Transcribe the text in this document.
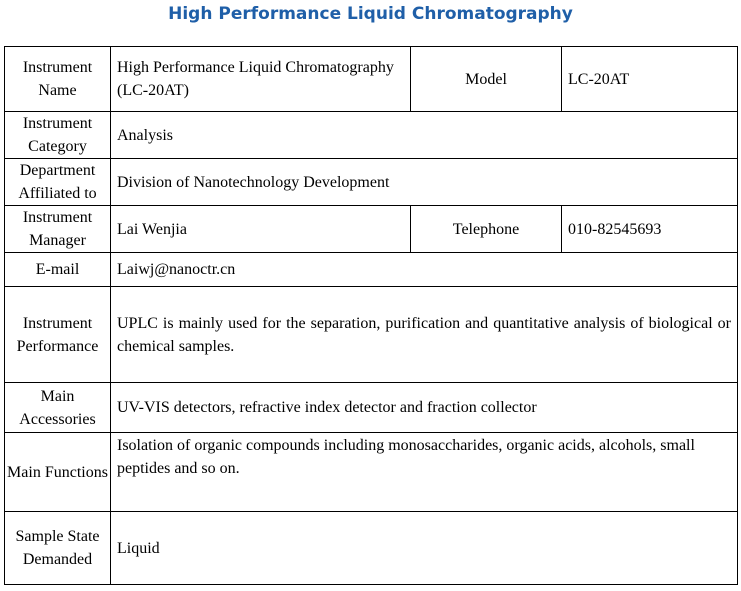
High Performance Liquid Chromatography
Instrument Name	High Performance Liquid Chromatography (LC-20AT)	Model	LC-20AT
Instrument Category	Analysis		
Department Affiliated to	Division of Nanotechnology Development		
Instrument Manager	Lai Wenjia	Telephone	010-82545693
E-mail	Laiwj@nanoctr.cn		
Instrument Performance	UPLC is mainly used for the separation, purification and quantitative analysis of biological or chemical samples.		
Main Accessories	UV-VIS detectors, refractive index detector and fraction collector		
Main Functions	Isolation of organic compounds including monosaccharides, organic acids, alcohols, small peptides and so on.		
Sample State Demanded	Liquid		
